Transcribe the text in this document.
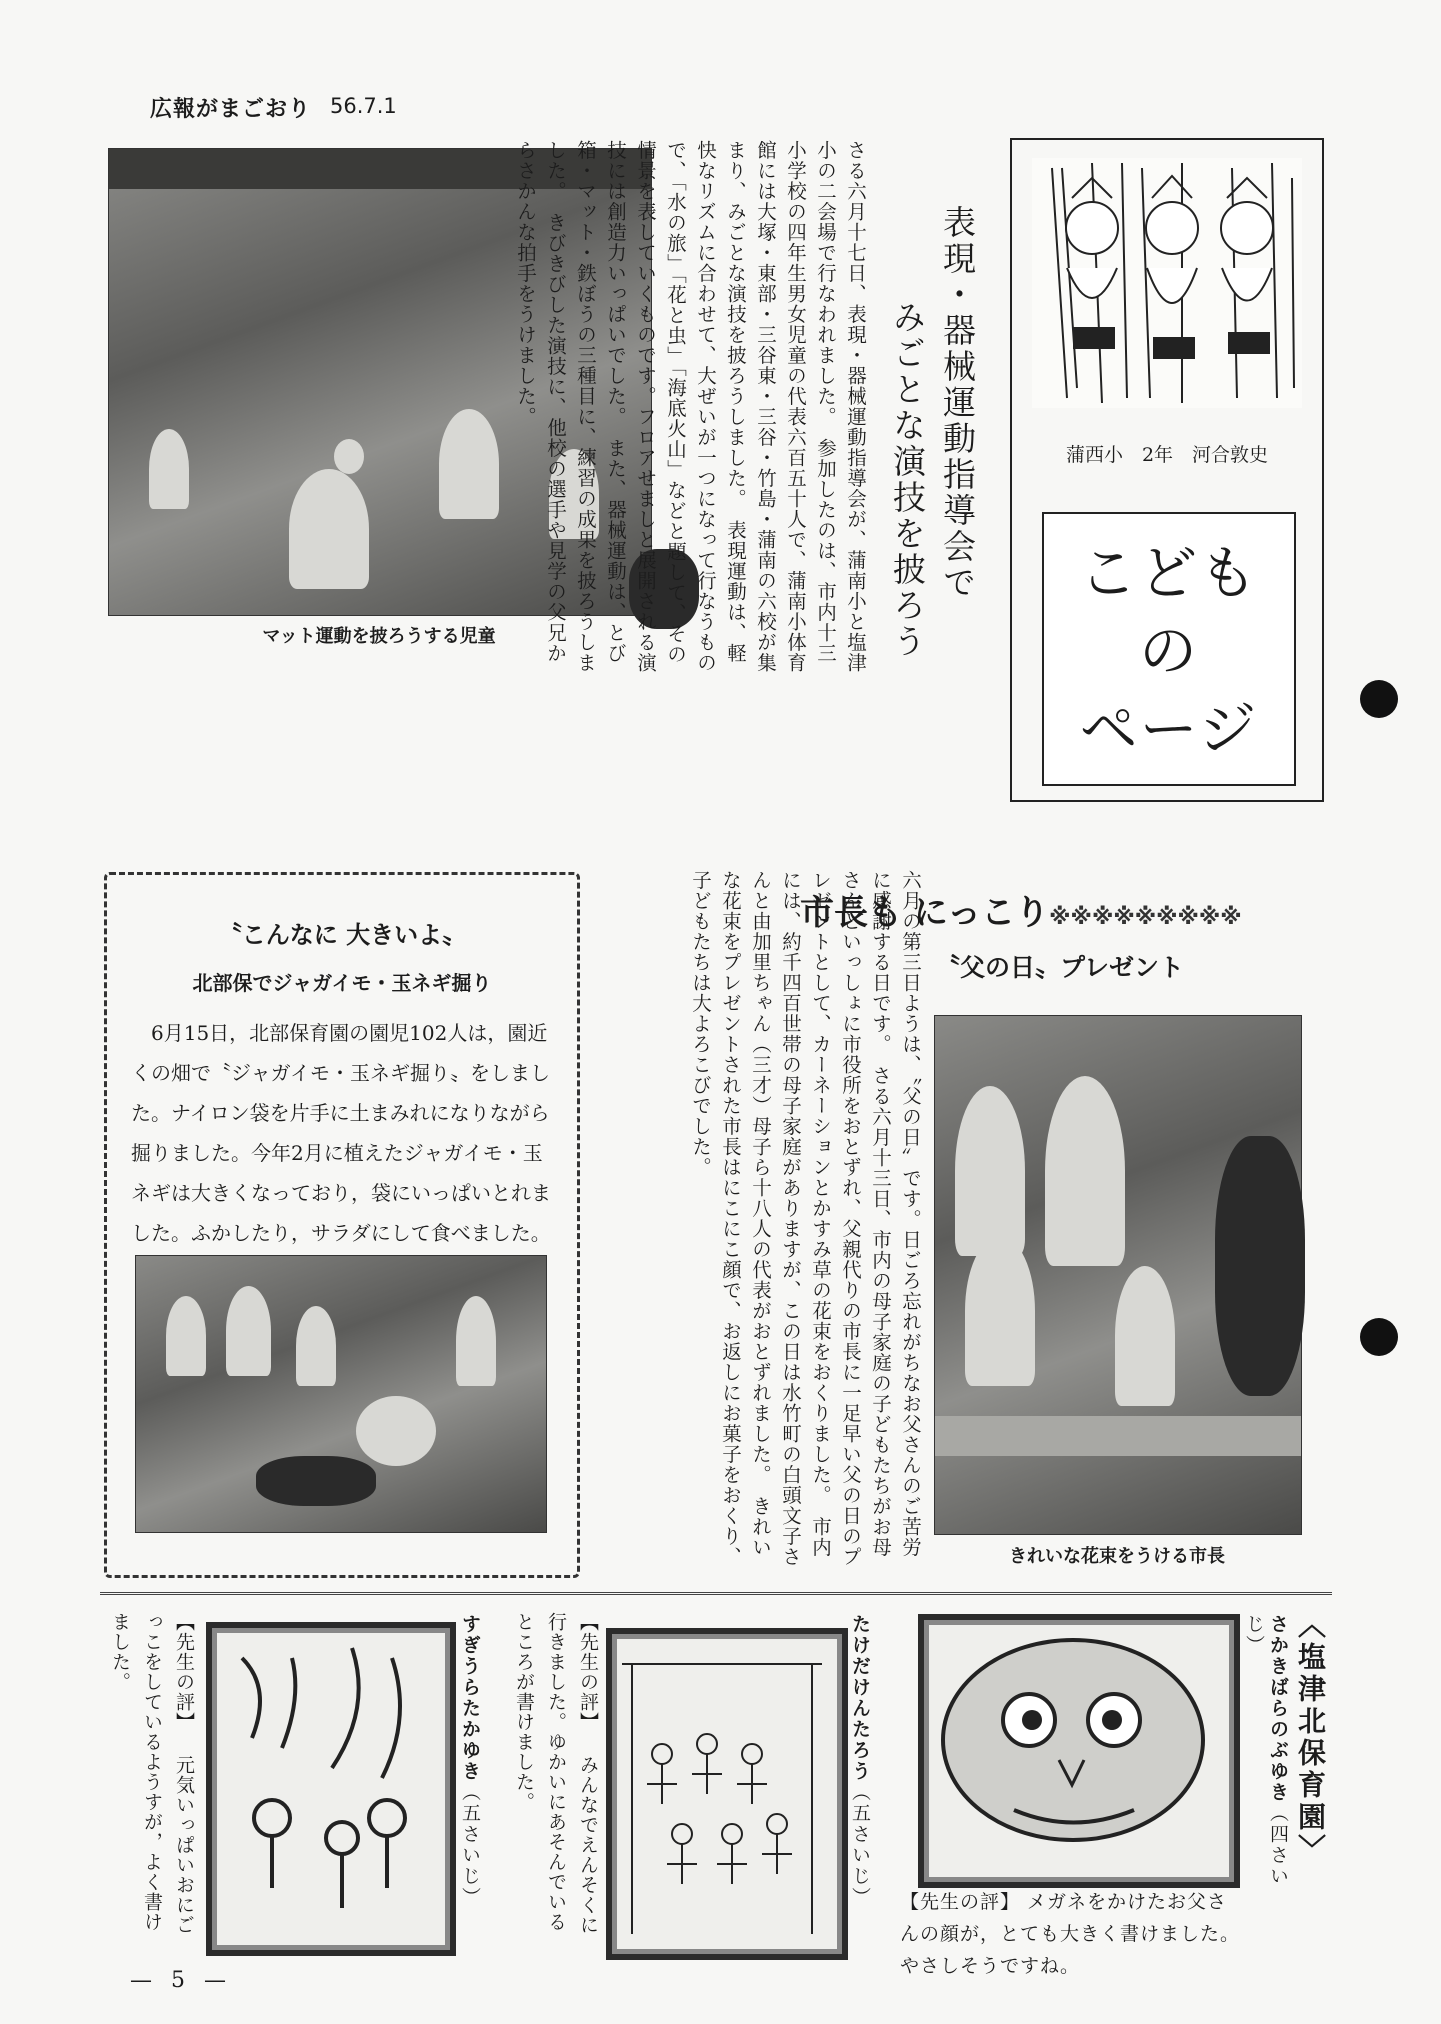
広報がまごおり 56.7.1
マット運動を披ろうする児童
表現・器械運動指導会で
みごとな演技を披ろう
さる六月十七日、表現・器械運動指導会が、蒲南小と塩津小の二会場で行なわれました。　参加したのは、市内十三小学校の四年生男女児童の代表六百五十人で、蒲南小体育館には大塚・東部・三谷東・三谷・竹島・蒲南の六校が集まり、みごとな演技を披ろうしました。　表現運動は、軽快なリズムに合わせて、大ぜいが一つになって行なうもので、「水の旅」「花と虫」「海底火山」などと題して、その情景を表していくものです。フロアせましと展開される演技には創造力いっぱいでした。　また、器械運動は、とび箱・マット・鉄ぼうの三種目に、練習の成果を披ろうしました。　きびきびした演技に、他校の選手や見学の父兄からさかんな拍手をうけました。
蒲西小　2年　河合敦史
こども
の
ページ
〝こんなに 大きいよ〟
北部保でジャガイモ・玉ネギ掘り
6月15日，北部保育園の園児102人は，園近くの畑で〝ジャガイモ・玉ネギ掘り〟をしました。ナイロン袋を片手に土まみれになりながら掘りました。今年2月に植えたジャガイモ・玉ネギは大きくなっており，袋にいっぱいとれました。ふかしたり，サラダにして食べました。
市長も にっこり※※※※※※※※※
〝父の日〟プレゼント
六月の第三日ようは、〝父の日〟です。日ごろ忘れがちなお父さんのご苦労に感謝する日です。　さる六月十三日、市内の母子家庭の子どもたちがお母さんといっしょに市役所をおとずれ、父親代りの市長に一足早い父の日のプレゼントとして、カーネーションとかすみ草の花束をおくりました。　市内には、約千四百世帯の母子家庭がありますが、この日は水竹町の白頭文子さんと由加里ちゃん（三才）母子ら十八人の代表がおとずれました。　きれいな花束をプレゼントされた市長はにこにこ顔で、お返しにお菓子をおくり、子どもたちは大よろこびでした。
きれいな花束をうける市長
〈塩津北保育園〉
さかきばらのぶゆき（四さいじ）
【先生の評】 メガネをかけたお父さんの顔が，とても大きく書けました。やさしそうですね。
たけだけんたろう（五さいじ）
【先生の評】 みんなでえんそくに行きました。ゆかいにあそんでいるところが書けました。
すぎうらたかゆき（五さいじ）
【先生の評】 元気いっぱいおにごっこをしているようすが，よく書けました。
— 5 —
